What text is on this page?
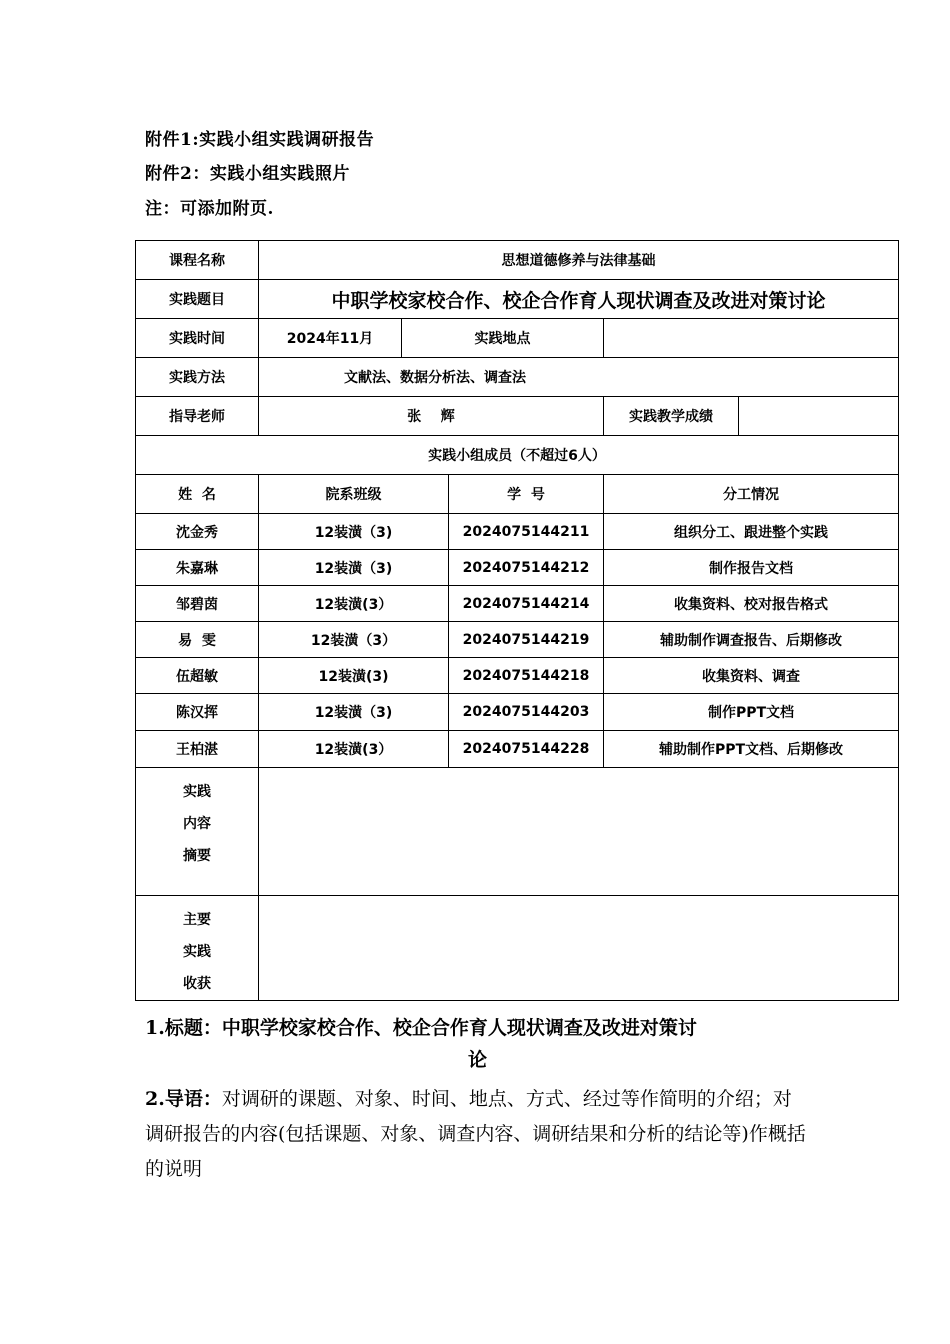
附件1:实践小组实践调研报告
附件2：实践小组实践照片
注：可添加附页.
课程名称	思想道德修养与法律基础				
实践题目	中职学校家校合作、校企合作育人现状调查及改进对策讨论				
实践时间	2024年11月	实践地点			
实践方法	文献法、数据分析法、调查法				
指导老师	张    辉			实践教学成绩	
实践小组成员（不超过6人）					
姓  名	院系班级		学  号	分工情况	
沈金秀	12装潢（3)		2024075144211	组织分工、跟进整个实践	
朱嘉琳	12装潢（3)		2024075144212	制作报告文档	
邹碧茵	12装潢(3）		2024075144214	收集资料、校对报告格式	
易  雯	12装潢（3）		2024075144219	辅助制作调查报告、后期修改	
伍超敏	12装潢(3)		2024075144218	收集资料、调查	
陈汉挥	12装潢（3)		2024075144203	制作PPT文档	
王柏湛	12装潢(3）		2024075144228	辅助制作PPT文档、后期修改	

实践
内容
摘要					

主要
实践
收获					

1.标题：中职学校家校合作、校企合作育人现状调查及改进对策讨
论
2.导语：对调研的课题、对象、时间、地点、方式、经过等作简明的介绍；对调研报告的内容(包括课题、对象、调查内容、调研结果和分析的结论等)作概括的说明
